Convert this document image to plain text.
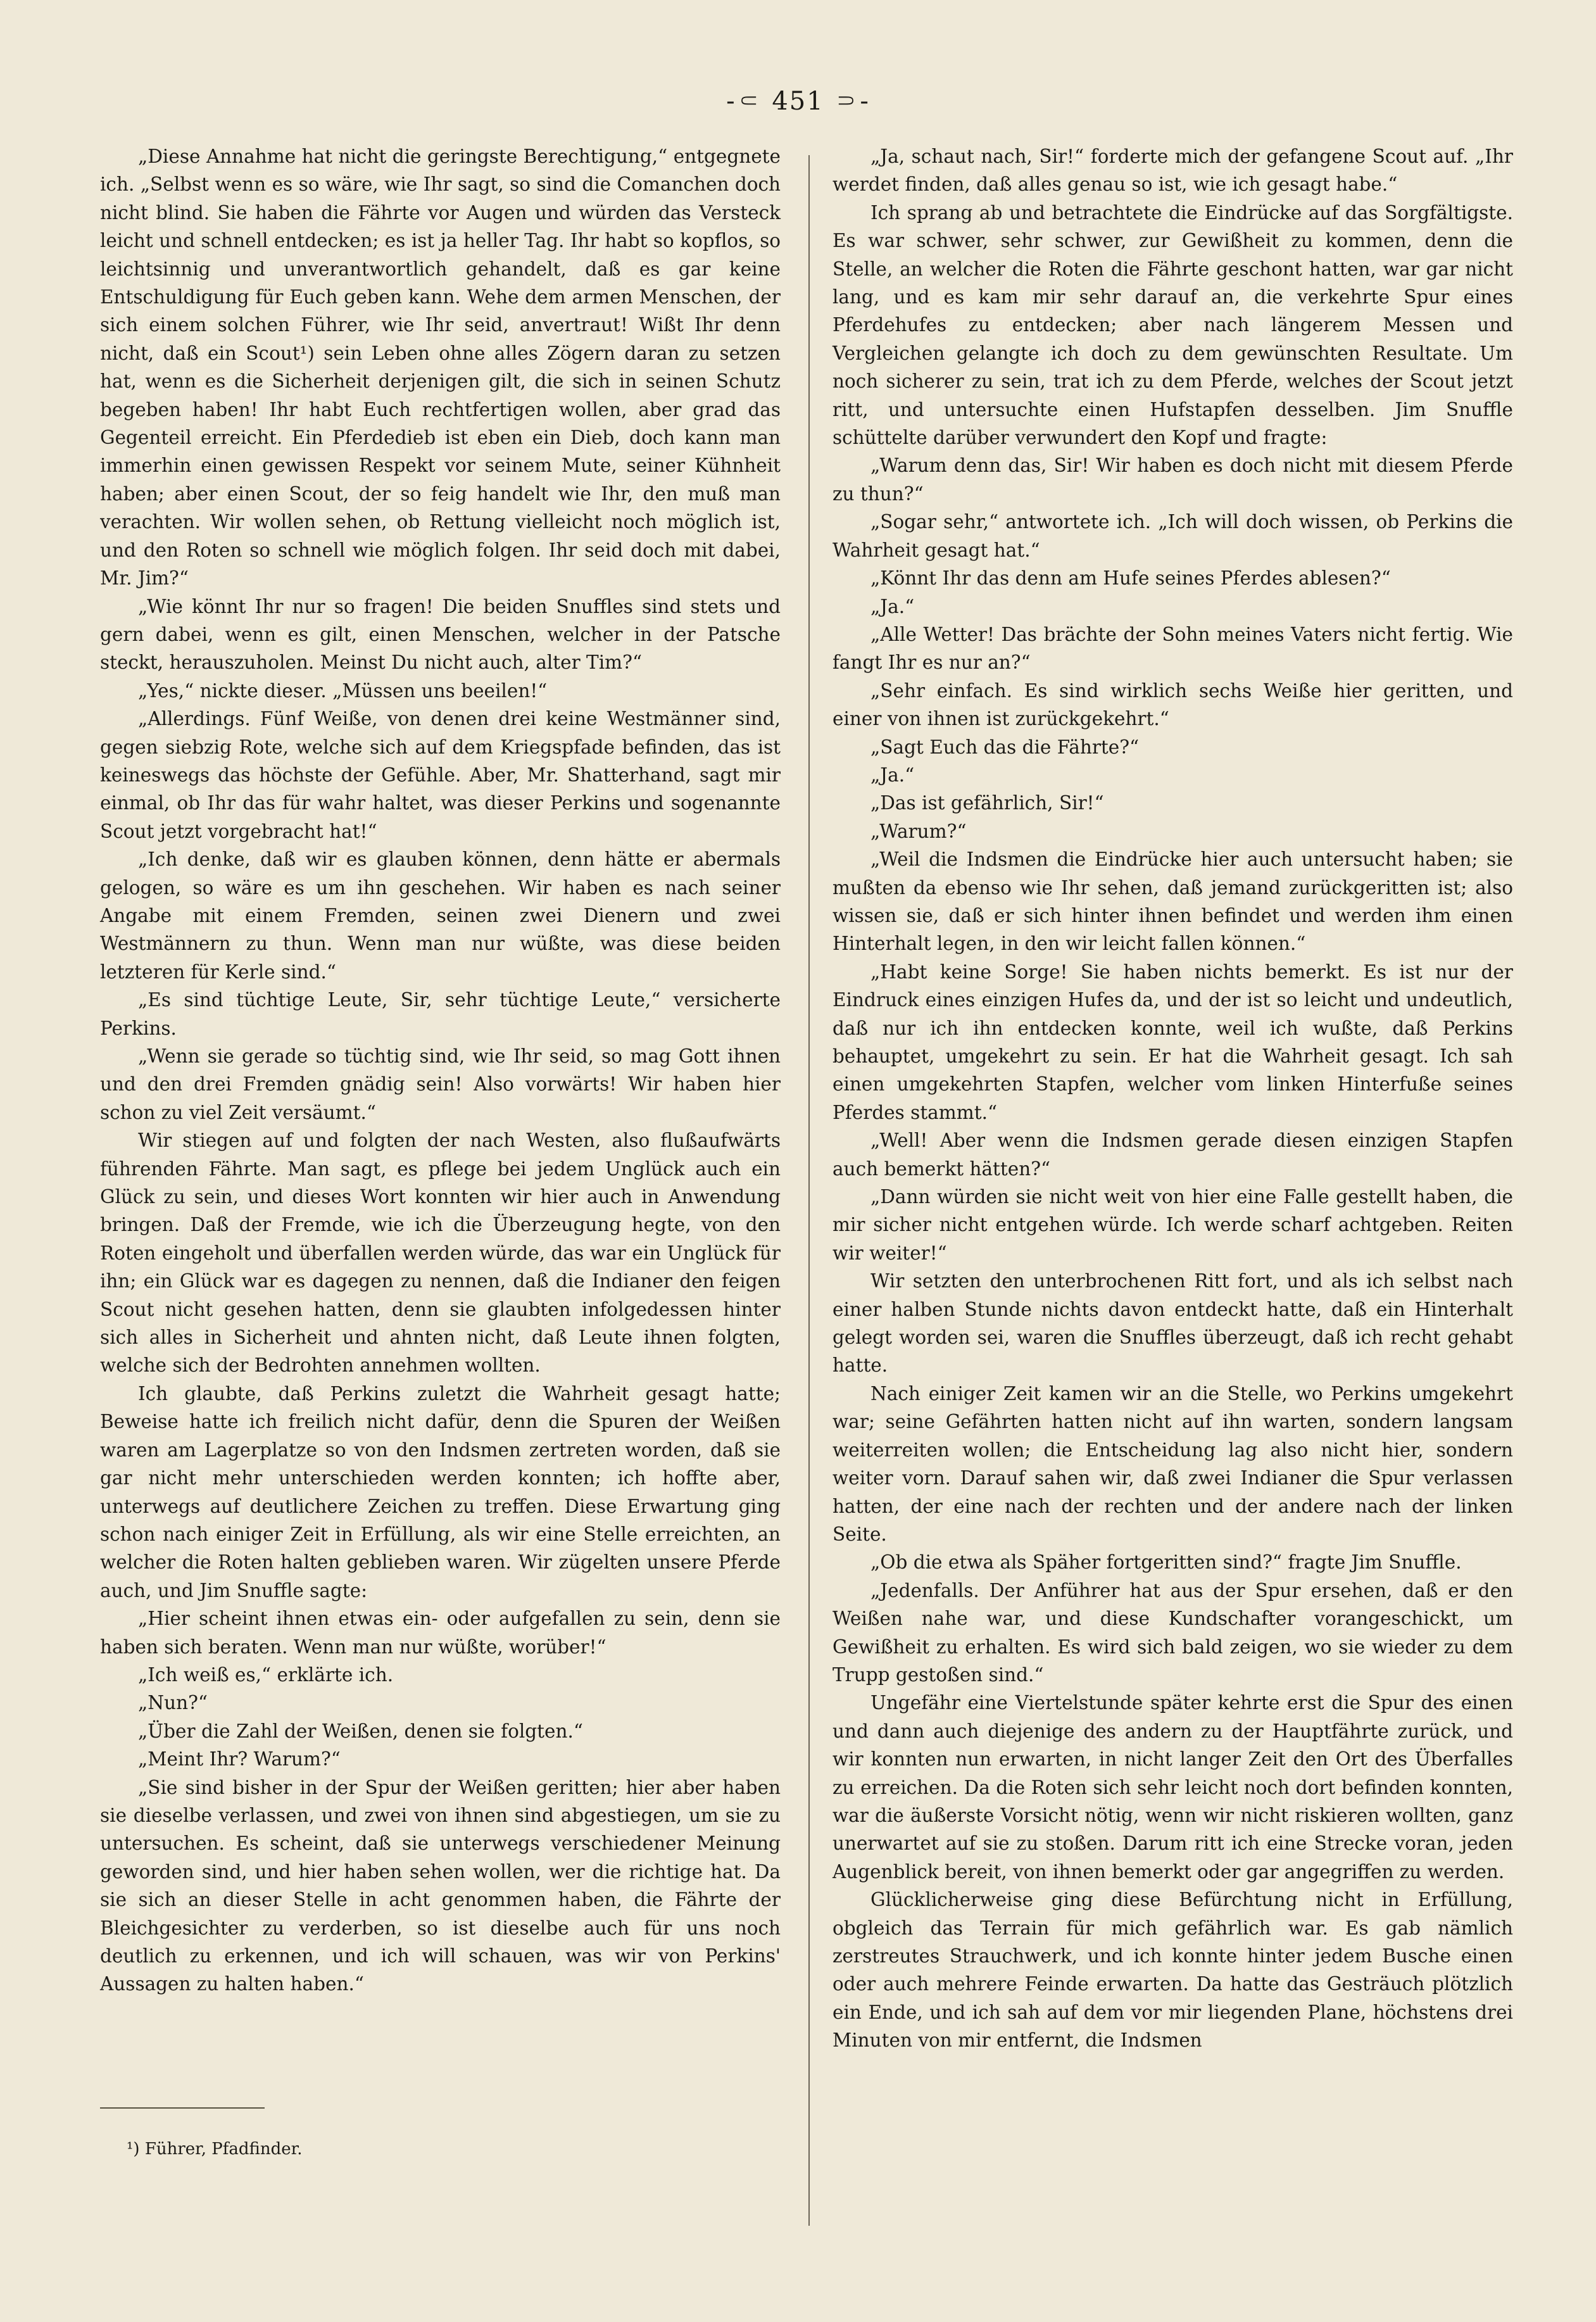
-⸦ 451 ⸧-

„Diese Annahme hat nicht die geringste Berechtigung,“ entgegnete ich. „Selbst wenn es so wäre, wie Ihr sagt, so sind die Comanchen doch nicht blind. Sie haben die Fährte vor Augen und würden das Versteck leicht und schnell entdecken; es ist ja heller Tag. Ihr habt so kopflos, so leichtsinnig und unverantwortlich gehandelt, daß es gar keine Entschuldigung für Euch geben kann. Wehe dem armen Menschen, der sich einem solchen Führer, wie Ihr seid, anvertraut! Wißt Ihr denn nicht, daß ein Scout¹) sein Leben ohne alles Zögern daran zu setzen hat, wenn es die Sicherheit derjenigen gilt, die sich in seinen Schutz begeben haben! Ihr habt Euch rechtfertigen wollen, aber grad das Gegenteil erreicht. Ein Pferdedieb ist eben ein Dieb, doch kann man immerhin einen gewissen Respekt vor seinem Mute, seiner Kühnheit haben; aber einen Scout, der so feig handelt wie Ihr, den muß man verachten. Wir wollen sehen, ob Rettung vielleicht noch möglich ist, und den Roten so schnell wie möglich folgen. Ihr seid doch mit dabei, Mr. Jim?“

„Wie könnt Ihr nur so fragen! Die beiden Snuffles sind stets und gern dabei, wenn es gilt, einen Menschen, welcher in der Patsche steckt, herauszuholen. Meinst Du nicht auch, alter Tim?“

„Yes,“ nickte dieser. „Müssen uns beeilen!“

„Allerdings. Fünf Weiße, von denen drei keine Westmänner sind, gegen siebzig Rote, welche sich auf dem Kriegspfade befinden, das ist keineswegs das höchste der Gefühle. Aber, Mr. Shatterhand, sagt mir einmal, ob Ihr das für wahr haltet, was dieser Perkins und sogenannte Scout jetzt vorgebracht hat!“

„Ich denke, daß wir es glauben können, denn hätte er abermals gelogen, so wäre es um ihn geschehen. Wir haben es nach seiner Angabe mit einem Fremden, seinen zwei Dienern und zwei Westmännern zu thun. Wenn man nur wüßte, was diese beiden letzteren für Kerle sind.“

„Es sind tüchtige Leute, Sir, sehr tüchtige Leute,“ versicherte Perkins.

„Wenn sie gerade so tüchtig sind, wie Ihr seid, so mag Gott ihnen und den drei Fremden gnädig sein! Also vorwärts! Wir haben hier schon zu viel Zeit versäumt.“

Wir stiegen auf und folgten der nach Westen, also flußaufwärts führenden Fährte. Man sagt, es pflege bei jedem Unglück auch ein Glück zu sein, und dieses Wort konnten wir hier auch in Anwendung bringen. Daß der Fremde, wie ich die Überzeugung hegte, von den Roten eingeholt und überfallen werden würde, das war ein Unglück für ihn; ein Glück war es dagegen zu nennen, daß die Indianer den feigen Scout nicht gesehen hatten, denn sie glaubten infolgedessen hinter sich alles in Sicherheit und ahnten nicht, daß Leute ihnen folgten, welche sich der Bedrohten annehmen wollten.

Ich glaubte, daß Perkins zuletzt die Wahrheit gesagt hatte; Beweise hatte ich freilich nicht dafür, denn die Spuren der Weißen waren am Lagerplatze so von den Indsmen zertreten worden, daß sie gar nicht mehr unterschieden werden konnten; ich hoffte aber, unterwegs auf deutlichere Zeichen zu treffen. Diese Erwartung ging schon nach einiger Zeit in Erfüllung, als wir eine Stelle erreichten, an welcher die Roten halten geblieben waren. Wir zügelten unsere Pferde auch, und Jim Snuffle sagte:

„Hier scheint ihnen etwas ein- oder aufgefallen zu sein, denn sie haben sich beraten. Wenn man nur wüßte, worüber!“

„Ich weiß es,“ erklärte ich.

„Nun?“

„Über die Zahl der Weißen, denen sie folgten.“

„Meint Ihr? Warum?“

„Sie sind bisher in der Spur der Weißen geritten; hier aber haben sie dieselbe verlassen, und zwei von ihnen sind abgestiegen, um sie zu untersuchen. Es scheint, daß sie unterwegs verschiedener Meinung geworden sind, und hier haben sehen wollen, wer die richtige hat. Da sie sich an dieser Stelle in acht genommen haben, die Fährte der Bleichgesichter zu verderben, so ist dieselbe auch für uns noch deutlich zu erkennen, und ich will schauen, was wir von Perkins' Aussagen zu halten haben.“

„Ja, schaut nach, Sir!“ forderte mich der gefangene Scout auf. „Ihr werdet finden, daß alles genau so ist, wie ich gesagt habe.“

Ich sprang ab und betrachtete die Eindrücke auf das Sorgfältigste. Es war schwer, sehr schwer, zur Gewißheit zu kommen, denn die Stelle, an welcher die Roten die Fährte geschont hatten, war gar nicht lang, und es kam mir sehr darauf an, die verkehrte Spur eines Pferdehufes zu entdecken; aber nach längerem Messen und Vergleichen gelangte ich doch zu dem gewünschten Resultate. Um noch sicherer zu sein, trat ich zu dem Pferde, welches der Scout jetzt ritt, und untersuchte einen Hufstapfen desselben. Jim Snuffle schüttelte darüber verwundert den Kopf und fragte:

„Warum denn das, Sir! Wir haben es doch nicht mit diesem Pferde zu thun?“

„Sogar sehr,“ antwortete ich. „Ich will doch wissen, ob Perkins die Wahrheit gesagt hat.“

„Könnt Ihr das denn am Hufe seines Pferdes ablesen?“

„Ja.“

„Alle Wetter! Das brächte der Sohn meines Vaters nicht fertig. Wie fangt Ihr es nur an?“

„Sehr einfach. Es sind wirklich sechs Weiße hier geritten, und einer von ihnen ist zurückgekehrt.“

„Sagt Euch das die Fährte?“

„Ja.“

„Das ist gefährlich, Sir!“

„Warum?“

„Weil die Indsmen die Eindrücke hier auch untersucht haben; sie mußten da ebenso wie Ihr sehen, daß jemand zurückgeritten ist; also wissen sie, daß er sich hinter ihnen befindet und werden ihm einen Hinterhalt legen, in den wir leicht fallen können.“

„Habt keine Sorge! Sie haben nichts bemerkt. Es ist nur der Eindruck eines einzigen Hufes da, und der ist so leicht und undeutlich, daß nur ich ihn entdecken konnte, weil ich wußte, daß Perkins behauptet, umgekehrt zu sein. Er hat die Wahrheit gesagt. Ich sah einen umgekehrten Stapfen, welcher vom linken Hinterfuße seines Pferdes stammt.“

„Well! Aber wenn die Indsmen gerade diesen einzigen Stapfen auch bemerkt hätten?“

„Dann würden sie nicht weit von hier eine Falle gestellt haben, die mir sicher nicht entgehen würde. Ich werde scharf achtgeben. Reiten wir weiter!“

Wir setzten den unterbrochenen Ritt fort, und als ich selbst nach einer halben Stunde nichts davon entdeckt hatte, daß ein Hinterhalt gelegt worden sei, waren die Snuffles überzeugt, daß ich recht gehabt hatte.

Nach einiger Zeit kamen wir an die Stelle, wo Perkins umgekehrt war; seine Gefährten hatten nicht auf ihn warten, sondern langsam weiterreiten wollen; die Entscheidung lag also nicht hier, sondern weiter vorn. Darauf sahen wir, daß zwei Indianer die Spur verlassen hatten, der eine nach der rechten und der andere nach der linken Seite.

„Ob die etwa als Späher fortgeritten sind?“ fragte Jim Snuffle.

„Jedenfalls. Der Anführer hat aus der Spur ersehen, daß er den Weißen nahe war, und diese Kundschafter vorangeschickt, um Gewißheit zu erhalten. Es wird sich bald zeigen, wo sie wieder zu dem Trupp gestoßen sind.“

Ungefähr eine Viertelstunde später kehrte erst die Spur des einen und dann auch diejenige des andern zu der Hauptfährte zurück, und wir konnten nun erwarten, in nicht langer Zeit den Ort des Überfalles zu erreichen. Da die Roten sich sehr leicht noch dort befinden konnten, war die äußerste Vorsicht nötig, wenn wir nicht riskieren wollten, ganz unerwartet auf sie zu stoßen. Darum ritt ich eine Strecke voran, jeden Augenblick bereit, von ihnen bemerkt oder gar angegriffen zu werden.

Glücklicherweise ging diese Befürchtung nicht in Erfüllung, obgleich das Terrain für mich gefährlich war. Es gab nämlich zerstreutes Strauchwerk, und ich konnte hinter jedem Busche einen oder auch mehrere Feinde erwarten. Da hatte das Gesträuch plötzlich ein Ende, und ich sah auf dem vor mir liegenden Plane, höchstens drei Minuten von mir entfernt, die Indsmen

¹) Führer, Pfadfinder.
